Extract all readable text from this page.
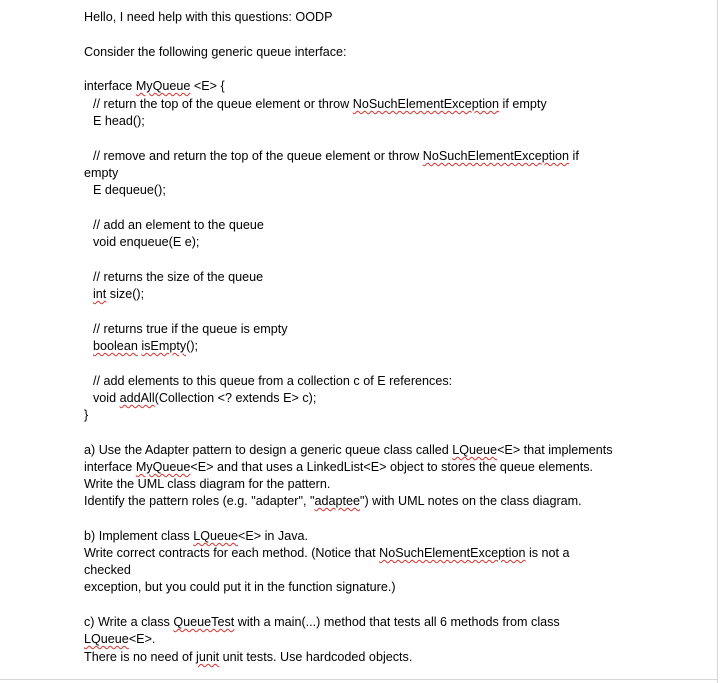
Hello, I need help with this questions: OODP
Consider the following generic queue interface:
interface MyQueue <E> {
// return the top of the queue element or throw NoSuchElementException if empty
E head();
// remove and return the top of the queue element or throw NoSuchElementException if
empty
E dequeue();
// add an element to the queue
void enqueue(E e);
// returns the size of the queue
int size();
// returns true if the queue is empty
boolean isEmpty();
// add elements to this queue from a collection c of E references:
void addAll(Collection <? extends E> c);
}
a) Use the Adapter pattern to design a generic queue class called LQueue<E> that implements
interface MyQueue<E> and that uses a LinkedList<E> object to stores the queue elements.
Write the UML class diagram for the pattern.
Identify the pattern roles (e.g. "adapter", "adaptee") with UML notes on the class diagram.
b) Implement class LQueue<E> in Java.
Write correct contracts for each method. (Notice that NoSuchElementException is not a
checked
exception, but you could put it in the function signature.)
c) Write a class QueueTest with a main(...) method that tests all 6 methods from class
LQueue<E>.
There is no need of junit unit tests. Use hardcoded objects.
